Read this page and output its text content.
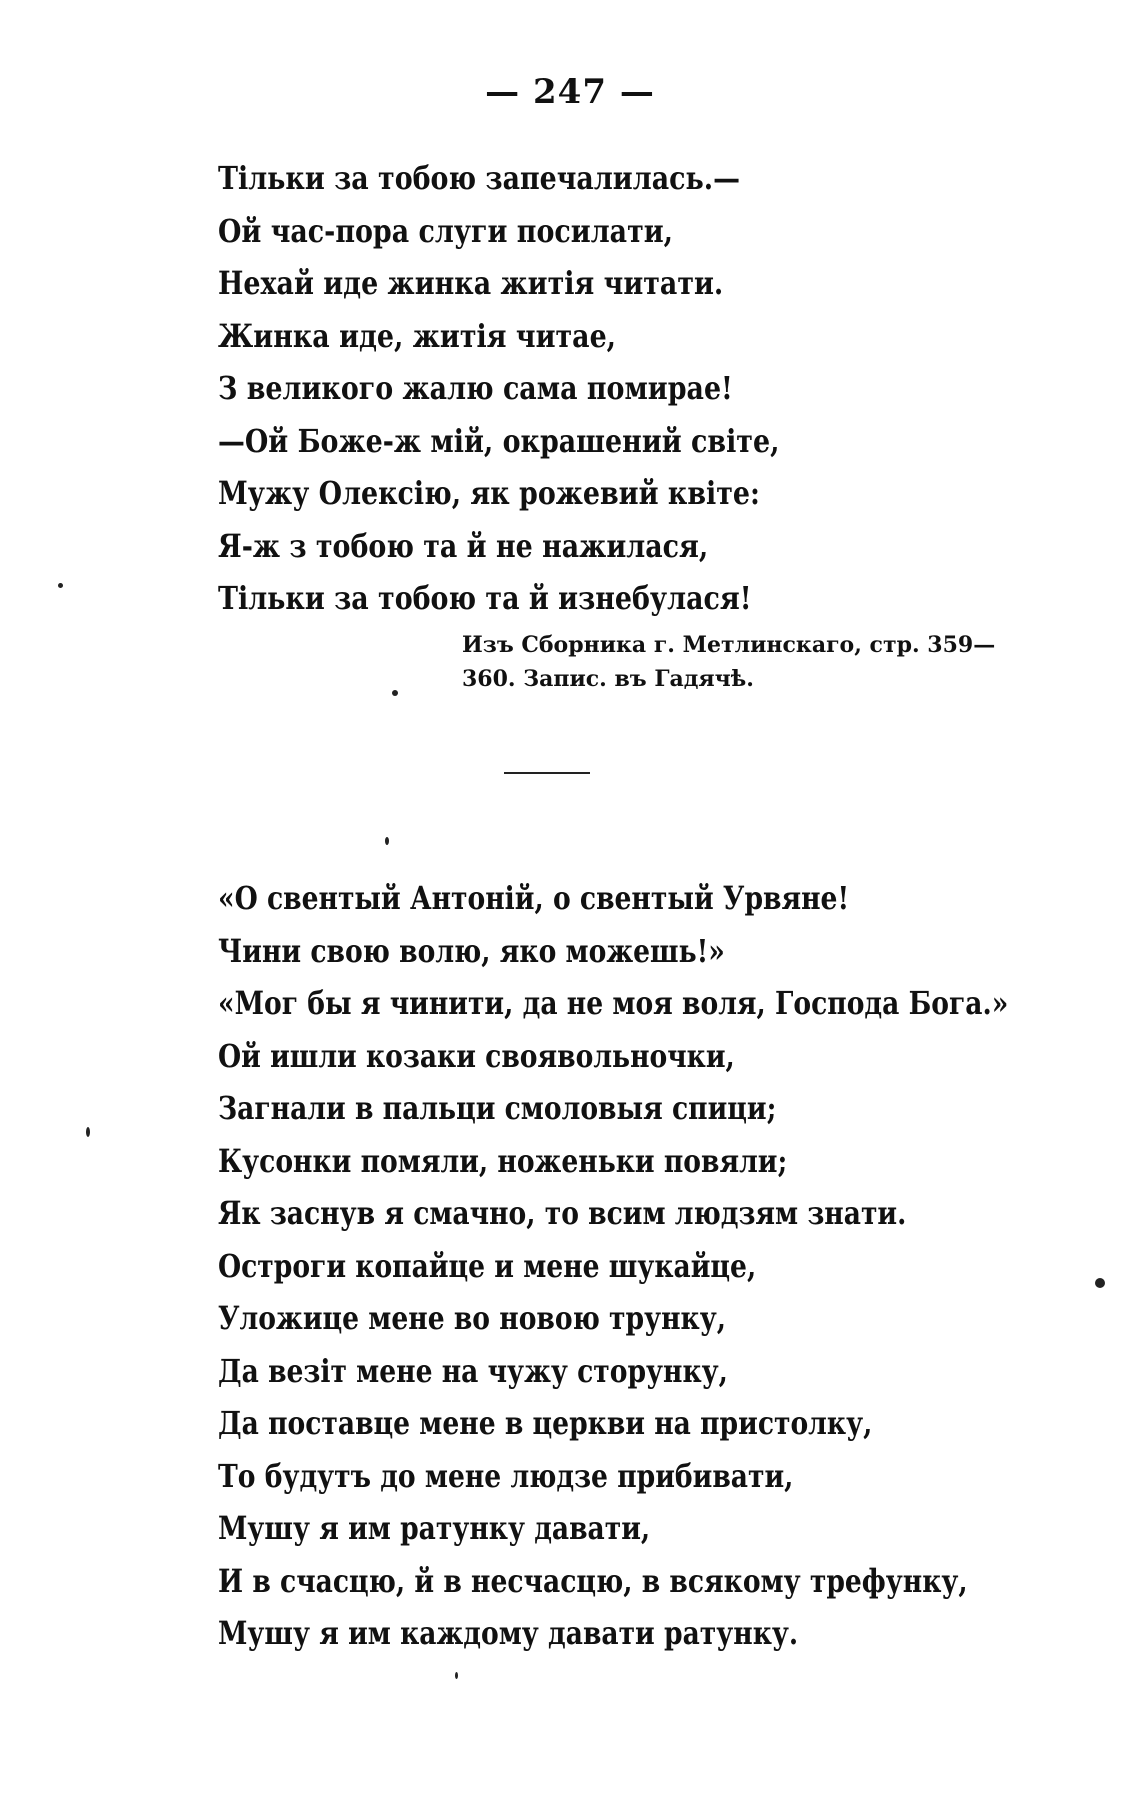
— 247 —
Тільки за тобою запечалилась.—
Ой час-пора слуги посилати,
Нехай иде жинка житія читати.
Жинка иде, житія читае,
З великого жалю сама помирае!
—Ой Боже-ж мій, окрашений світе,
Мужу Олексію, як рожевий квіте:
Я-ж з тобою та й не нажилася,
Тільки за тобою та й изнебулася!
Изъ Сборника г. Метлинскаго, стр. 359—
360. Запис. въ Гадячѣ.
«О свентый Антоній, о свентый Урвяне!
Чини свою волю, яко можешь!»
«Мог бы я чинити, да не моя воля, Господа Бога.»
Ой ишли козаки своявольночки,
Загнали в пальци смоловыя спици;
Кусонки помяли, ноженьки повяли;
Як заснув я смачно, то всим людзям знати.
Остроги копайце и мене шукайце,
Уложице мене во новою трунку,
Да везіт мене на чужу сторунку,
Да поставце мене в церкви на пристолку,
То будутъ до мене людзе прибивати,
Мушу я им ратунку давати,
И в счасцю, й в несчасцю, в всякому трефунку,
Мушу я им каждому давати ратунку.
